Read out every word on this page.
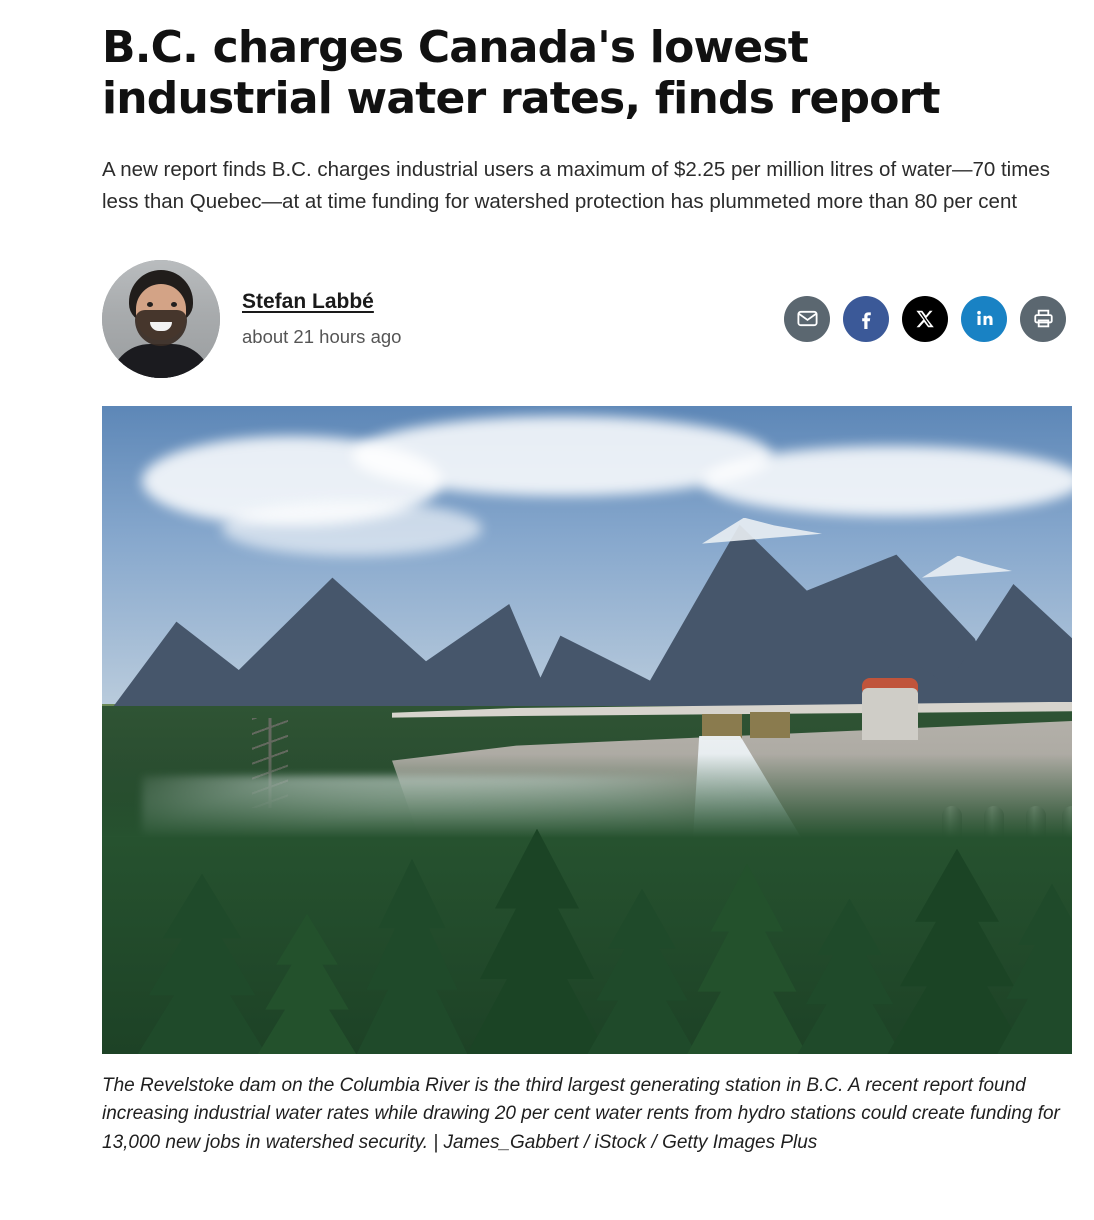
B.C. charges Canada's lowest industrial water rates, finds report

A new report finds B.C. charges industrial users a maximum of $2.25 per million litres of water—70 times less than Quebec—at at time funding for watershed protection has plummeted more than 80 per cent

Stefan Labbé
about 21 hours ago
The Revelstoke dam on the Columbia River is the third largest generating station in B.C. A recent report found increasing industrial water rates while drawing 20 per cent water rents from hydro stations could create funding for 13,000 new jobs in watershed security. | James_Gabbert / iStock / Getty Images Plus
